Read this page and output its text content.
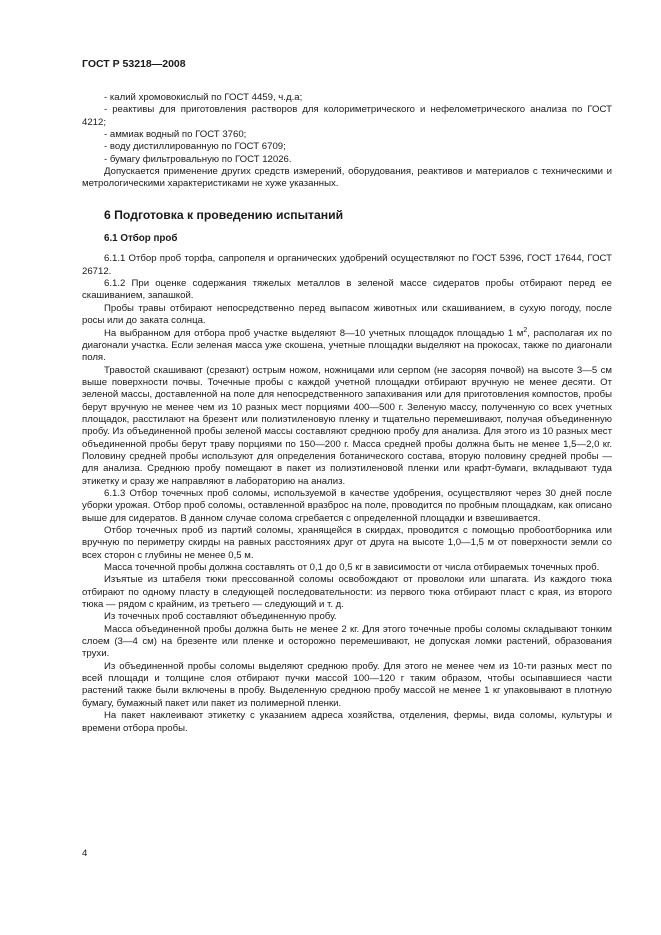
ГОСТ Р 53218—2008

- калий хромовокислый по ГОСТ 4459, ч.д.а;

- реактивы для приготовления растворов для колориметрического и нефелометрического анализа по ГОСТ 4212;

- аммиак водный по ГОСТ 3760;

- воду дистиллированную по ГОСТ 6709;

- бумагу фильтровальную по ГОСТ 12026.

Допускается применение других средств измерений, оборудования, реактивов и материалов с техническими и метрологическими характеристиками не хуже указанных.

6 Подготовка к проведению испытаний

6.1 Отбор проб

6.1.1 Отбор проб торфа, сапропеля и органических удобрений осуществляют по ГОСТ 5396, ГОСТ 17644, ГОСТ 26712.

6.1.2 При оценке содержания тяжелых металлов в зеленой массе сидератов пробы отбирают перед ее скашиванием, запашкой.

Пробы травы отбирают непосредственно перед выпасом животных или скашиванием, в сухую погоду, после росы или до заката солнца.

На выбранном для отбора проб участке выделяют 8—10 учетных площадок площадью 1 $м^2$, располагая их по диагонали участка. Если зеленая масса уже скошена, учетные площадки выделяют на прокосах, также по диагонали поля.

Травостой скашивают (срезают) острым ножом, ножницами или серпом (не засоряя почвой) на высоте 3—5 см выше поверхности почвы. Точечные пробы с каждой учетной площадки отбирают вручную не менее десяти. От зеленой массы, доставленной на поле для непосредственного запахивания или для приготовления компостов, пробы берут вручную не менее чем из 10 разных мест порциями 400—500 г. Зеленую массу, полученную со всех учетных площадок, расстилают на брезент или полиэтиленовую пленку и тщательно перемешивают, получая объединенную пробу. Из объединенной пробы зеленой массы составляют среднюю пробу для анализа. Для этого из 10 разных мест объединенной пробы берут траву порциями по 150—200 г. Масса средней пробы должна быть не менее 1,5—2,0 кг. Половину средней пробы используют для определения ботанического состава, вторую половину средней пробы — для анализа. Среднюю пробу помещают в пакет из полиэтиленовой пленки или крафт-бумаги, вкладывают туда этикетку и сразу же направляют в лабораторию на анализ.

6.1.3 Отбор точечных проб соломы, используемой в качестве удобрения, осуществляют через 30 дней после уборки урожая. Отбор проб соломы, оставленной вразброс на поле, проводится по пробным площадкам, как описано выше для сидератов. В данном случае солома сгребается с определенной площадки и взвешивается.

Отбор точечных проб из партий соломы, хранящейся в скирдах, проводится с помощью пробоотборника или вручную по периметру скирды на равных расстояниях друг от друга на высоте 1,0—1,5 м от поверхности земли со всех сторон с глубины не менее 0,5 м.

Масса точечной пробы должна составлять от 0,1 до 0,5 кг в зависимости от числа отбираемых точечных проб.

Изъятые из штабеля тюки прессованной соломы освобождают от проволоки или шпагата. Из каждого тюка отбирают по одному пласту в следующей последовательности: из первого тюка отбирают пласт с края, из второго тюка — рядом с крайним, из третьего — следующий и т. д.

Из точечных проб составляют объединенную пробу.

Масса объединенной пробы должна быть не менее 2 кг. Для этого точечные пробы соломы складывают тонким слоем (3—4 см) на брезенте или пленке и осторожно перемешивают, не допуская ломки растений, образования трухи.

Из объединенной пробы соломы выделяют среднюю пробу. Для этого не менее чем из 10-ти разных мест по всей площади и толщине слоя отбирают пучки массой 100—120 г таким образом, чтобы осыпавшиеся части растений также были включены в пробу. Выделенную среднюю пробу массой не менее 1 кг упаковывают в плотную бумагу, бумажный пакет или пакет из полимерной пленки.

На пакет наклеивают этикетку с указанием адреса хозяйства, отделения, фермы, вида соломы, культуры и времени отбора пробы.

4
